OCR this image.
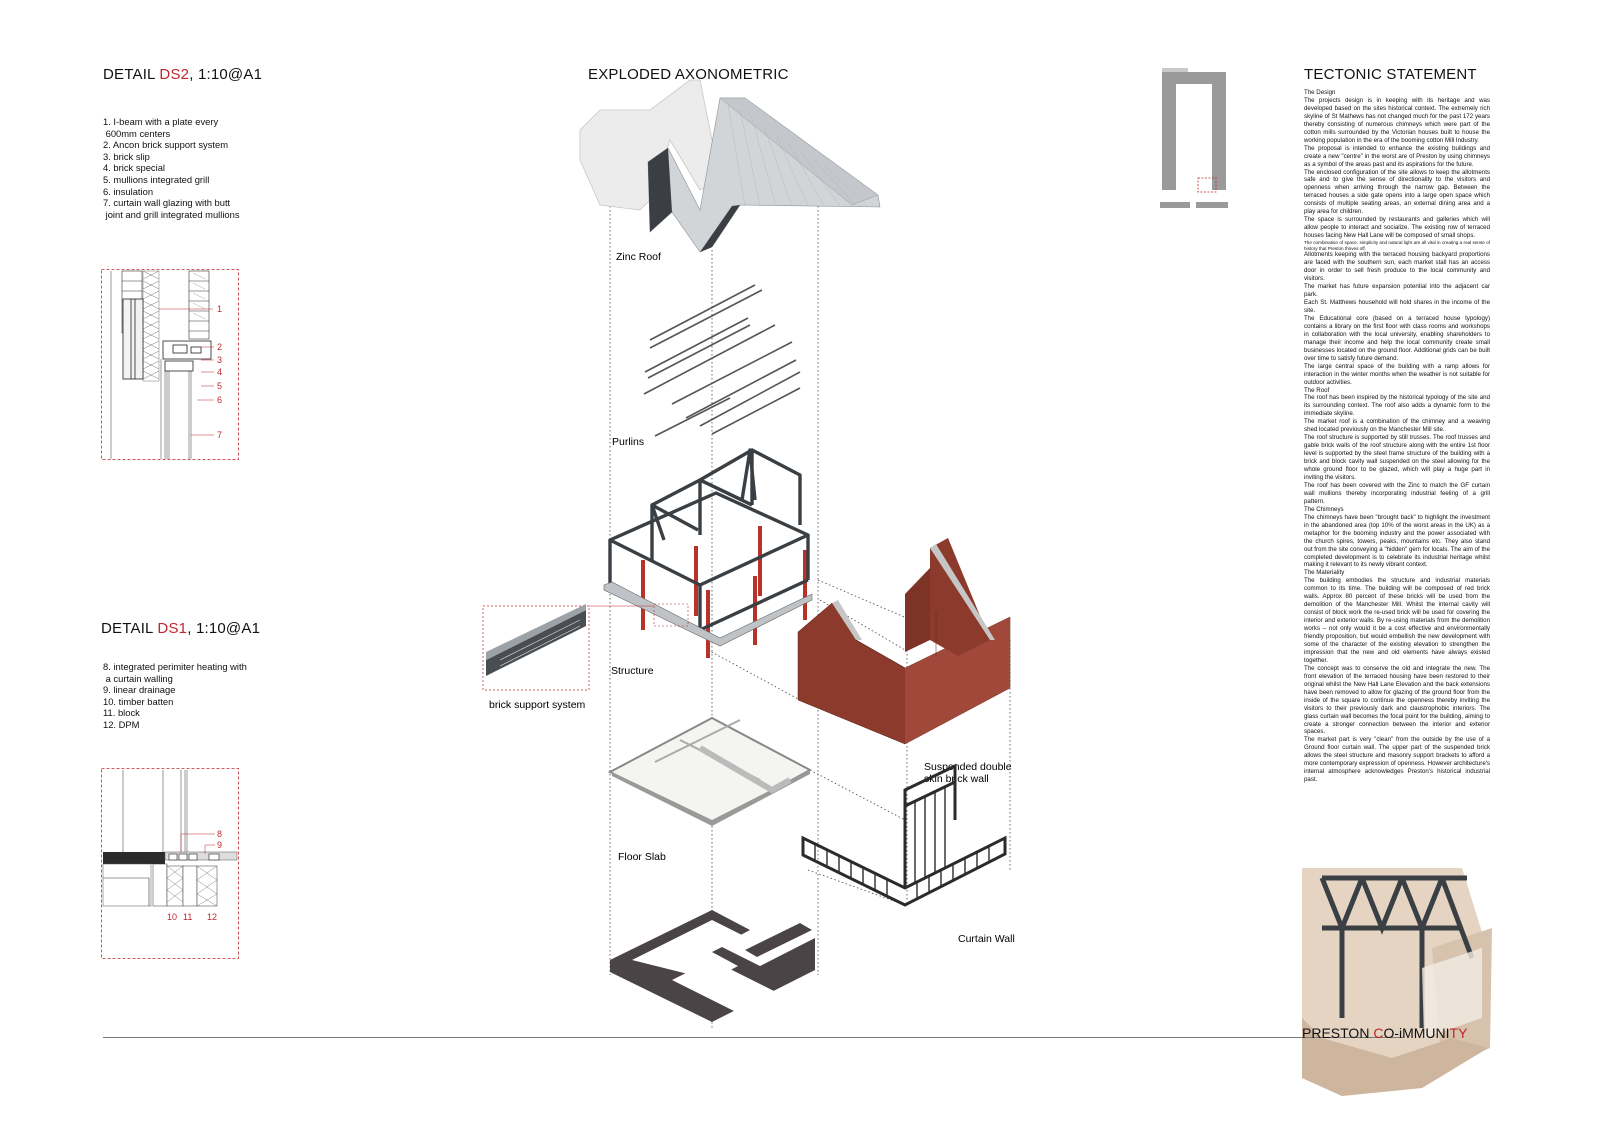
DETAIL DS2, 1:10@A1
1. I-beam with a plate every
600mm centers
2. Ancon brick support system
3. brick slip
4. brick special
5. mullions integrated grill
6. insulation
7. curtain wall glazing with butt
joint and grill integrated mullions
1
2
3
4
5
6
7
DETAIL DS1, 1:10@A1
8. integrated perimiter heating with
a curtain walling
9. linear drainage
10. timber batten
11. block
12. DPM
8
9
10 11 12
EXPLODED AXONOMETRIC
Zinc Roof
Purlins
Structure
brick support system
Suspended double
skin brick wall
Floor Slab
Curtain Wall
TECTONIC STATEMENT
The Design
The projects design is in keeping with its heritage and was developed based on the sites historical context. The extremely rich skyline of St Mathews has not changed much for the past 172 years thereby consisting of numerous chimneys which were part of the cotton mills surrounded by the Victorian houses built to house the working population in the era of the booming cotton Mill Industry.
The proposal is intended to enhance the existing buildings and create a new "centre" in the worst are of Preston by using chimneys as a symbol of the areas past and its aspirations for the future.
The enclosed configuration of the site allows to keep the allotments safe and to give the sense of directionality to the visitors and openness when arriving through the narrow gap. Between the terraced houses a side gate opens into a large open space which consists of multiple seating areas, an external dining area and a play area for children.
The space is surrounded by restaurants and galleries which will allow people to interact and socialize. The existing row of terraced houses facing New Hall Lane will be composed of small shops.
The combination of space, simplicity and natural light are all vital in creating a real sense of history that Preston thrives off.
Allotments keeping with the terraced housing backyard proportions are faced with the southern sun, each market stall has an access door in order to sell fresh produce to the local community and visitors.
The market has future expansion potential into the adjacent car park.
Each St. Matthews household will hold shares in the income of the site.
The Educational core (based on a terraced house typology) contains a library on the first floor with class rooms and workshops in collaboration with the local university, enabling shareholders to manage their income and help the local community create small businesses located on the ground floor. Additional grids can be built over time to satisfy future demand.
The large central space of the building with a ramp allows for interaction in the winter months when the weather is not suitable for outdoor activities.
The Roof
The roof has been inspired by the historical typology of the site and its surrounding context. The roof also adds a dynamic form to the immediate skyline.
The market roof is a combination of the chimney and a weaving shed located previously on the Manchester Mill site.
The roof structure is supported by still trusses. The roof trusses and gable brick walls of the roof structure along with the entire 1st floor level is supported by the steel frame structure of the building with a brick and block cavity wall suspended on the steel allowing for the whole ground floor to be glazed, which will play a huge part in inviting the visitors.
The roof has been covered with the Zinc to match the GF curtain wall mullions thereby incorporating industrial feeling of a grill pattern.
The Chimneys
The chimneys have been "brought back" to highlight the investment in the abandoned area (top 10% of the worst areas in the UK) as a metaphor for the booming industry and the power associated with the church spires, towers, peaks, mountains etc. They also stand out from the site conveying a "hidden" gem for locals. The aim of the completed development is to celebrate its industrial heritage whilst making it relevant to its newly vibrant context.
The Materiality
The building embodies the structure and industrial materials common to its time. The building will be composed of red brick walls. Approx 80 percent of these bricks will be used from the demolition of the Manchester Mill. Whilst the internal cavity will consist of block work the re-used brick will be used for covering the interior and exterior walls. By re-using materials from the demolition works – not only would it be a cost effective and environmentally friendly proposition, but would embellish the new development with some of the character of the existing elevation to strengthen the impression that the new and old elements have always existed together.
The concept was to conserve the old and integrate the new. The front elevation of the terraced housing have been restored to their original whilst the New Hall Lane Elevation and the back extensions have been removed to allow for glazing of the ground floor from the inside of the square to continue the openness thereby inviting the visitors to their previously dark and claustrophobic interiors. The glass curtain wall becomes the focal point for the building, aiming to create a stronger connection between the interior and exterior spaces.
The market part is very "clean" from the outside by the use of a Ground floor curtain wall. The upper part of the suspended brick allows the steel structure and masonry support brackets to afford a more contemporary expression of openness. However architecture's internal atmosphere acknowledges Preston's historical industrial past.
PRESTON CO-iMMUNITY
